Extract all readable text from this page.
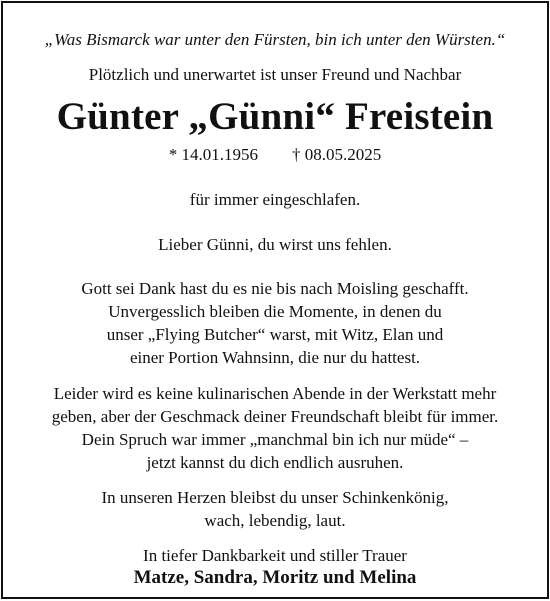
„Was Bismarck war unter den Fürsten, bin ich unter den Würsten.“
Plötzlich und unerwartet ist unser Freund und Nachbar
Günter „Günni“ Freistein
* 14.01.1956 † 08.05.2025
für immer eingeschlafen.
Lieber Günni, du wirst uns fehlen.
Gott sei Dank hast du es nie bis nach Moisling geschafft.
Unvergesslich bleiben die Momente, in denen du
unser „Flying Butcher“ warst, mit Witz, Elan und
einer Portion Wahnsinn, die nur du hattest.
Leider wird es keine kulinarischen Abende in der Werkstatt mehr
geben, aber der Geschmack deiner Freundschaft bleibt für immer.
Dein Spruch war immer „manchmal bin ich nur müde“ –
jetzt kannst du dich endlich ausruhen.
In unseren Herzen bleibst du unser Schinkenkönig,
wach, lebendig, laut.
In tiefer Dankbarkeit und stiller Trauer
Matze, Sandra, Moritz und Melina
